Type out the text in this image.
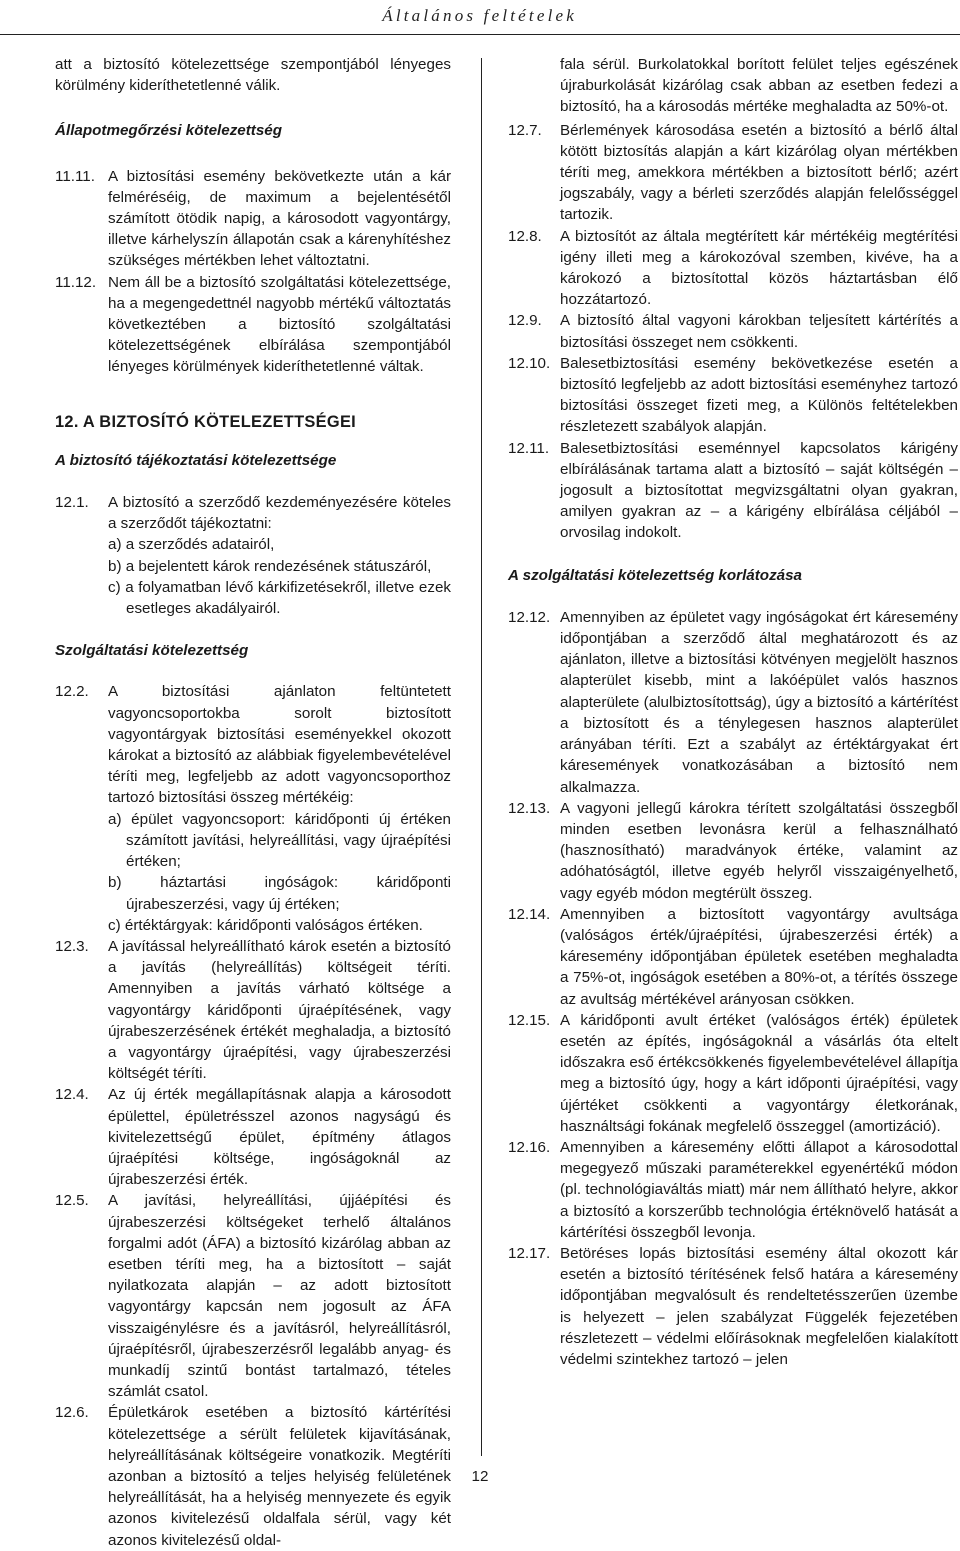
Általános feltételek
att a biztosító kötelezettsége szempontjából lényeges körülmény kideríthetetlenné válik.
Állapotmegőrzési kötelezettség
11.11. A biztosítási esemény bekövetkezte után a kár felméréséig, de maximum a bejelentésétől számított ötödik napig, a károsodott vagyontárgy, illetve kárhelyszín állapotán csak a kárenyhítéshez szükséges mértékben lehet változtatni.
11.12. Nem áll be a biztosító szolgáltatási kötelezettsége, ha a megengedettnél nagyobb mértékű változtatás következtében a biztosító szolgáltatási kötelezettségének elbírálása szempontjából lényeges körülmények kideríthetetlenné váltak.
12. A BIZTOSÍTÓ KÖTELEZETTSÉGEI
A biztosító tájékoztatási kötelezettsége
12.1.	A biztosító a szerződő kezdeményezésére köteles a szerződőt tájékoztatni:
a) a szerződés adatairól,
b) a bejelentett károk rendezésének státuszáról,
c) a folyamatban lévő kárkifizetésekről, illetve ezek esetleges akadályairól.
Szolgáltatási kötelezettség
12.2.	A biztosítási ajánlaton feltüntetett vagyoncsoportokba sorolt biztosított vagyontárgyak biztosítási eseményekkel okozott károkat a biztosító az alábbiak figyelembevételével téríti meg, legfeljebb az adott vagyoncsoporthoz tartozó biztosítási összeg mértékéig:
a) épület vagyoncsoport: káridőponti új értéken számított javítási, helyreállítási, vagy újraépítési értéken;
b) háztartási ingóságok: káridőponti újrabeszerzési, vagy új értéken;
c) értéktárgyak: káridőponti valóságos értéken.
12.3.	A javítással helyreállítható károk esetén a biztosító a javítás (helyreállítás) költségeit téríti. Amennyiben a javítás várható költsége a vagyontárgy káridőponti újraépítésének, vagy újrabeszerzésének értékét meghaladja, a biztosító a vagyontárgy újraépítési, vagy újrabeszerzési költségét téríti.
12.4.	Az új érték megállapításnak alapja a károsodott épülettel, épületrésszel azonos nagyságú és kivitelezettségű épület, építmény átlagos újraépítési költsége, ingóságoknál az újrabeszerzési érték.
12.5.	A javítási, helyreállítási, újjáépítési és újrabeszerzési költségeket terhelő általános forgalmi adót (ÁFA) a biztosító kizárólag abban az esetben téríti meg, ha a biztosított – saját nyilatkozata alapján – az adott biztosított vagyontárgy kapcsán nem jogosult az ÁFA visszaigénylésre és a javításról, helyreállításról, újraépítésről, újrabeszerzésről legalább anyag- és munkadíj szintű bontást tartalmazó, tételes számlát csatol.
12.6.	Épületkárok esetében a biztosító kártérítési kötelezettsége a sérült felületek kijavításának, helyreállításának költségeire vonatkozik. Megtéríti azonban a biztosító a teljes helyiség felületének helyreállítását, ha a helyiség mennyezete és egyik azonos kivitelezésű oldalfala sérül, vagy két azonos kivitelezésű oldal-
fala sérül. Burkolatokkal borított felület teljes egészének újraburkolását kizárólag csak abban az esetben fedezi a biztosító, ha a károsodás mértéke meghaladta az 50%-ot.
12.7.	Bérlemények károsodása esetén a biztosító a bérlő által kötött biztosítás alapján a kárt kizárólag olyan mértékben téríti meg, amekkora mértékben a biztosított bérlő; azért jogszabály, vagy a bérleti szerződés alapján felelősséggel tartozik.
12.8.	A biztosítót az általa megtérített kár mértékéig megtérítési igény illeti meg a károkozóval szemben, kivéve, ha a károkozó a biztosítottal közös háztartásban élő hozzátartozó.
12.9.	A biztosító által vagyoni károkban teljesített kártérítés a biztosítási összeget nem csökkenti.
12.10. Balesetbiztosítási esemény bekövetkezése esetén a biztosító legfeljebb az adott biztosítási eseményhez tartozó biztosítási összeget fizeti meg, a Különös feltételekben részletezett szabályok alapján.
12.11. Balesetbiztosítási eseménnyel kapcsolatos kárigény elbírálásának tartama alatt a biztosító – saját költségén – jogosult a biztosítottat megvizsgáltatni olyan gyakran, amilyen gyakran az – a kárigény elbírálása céljából – orvosilag indokolt.
A szolgáltatási kötelezettség korlátozása
12.12. Amennyiben az épületet vagy ingóságokat ért káresemény időpontjában a szerződő által meghatározott és az ajánlaton, illetve a biztosítási kötvényen megjelölt hasznos alapterület kisebb, mint a lakóépület valós hasznos alapterülete (alulbiztosítottság), úgy a biztosító a kártérítést a biztosított és a ténylegesen hasznos alapterület arányában téríti. Ezt a szabályt az értéktárgyakat ért káresemények vonatkozásában a biztosító nem alkalmazza.
12.13. A vagyoni jellegű károkra térített szolgáltatási összegből minden esetben levonásra kerül a felhasználható (hasznosítható) maradványok értéke, valamint az adóhatóságtól, illetve egyéb helyről visszaigényelhető, vagy egyéb módon megtérült összeg.
12.14. Amennyiben a biztosított vagyontárgy avultsága (valóságos érték/újraépítési, újrabeszerzési érték) a káresemény időpontjában épületek esetében meghaladta a 75%-ot, ingóságok esetében a 80%-ot, a térítés összege az avultság mértékével arányosan csökken.
12.15. A káridőponti avult értéket (valóságos érték) épületek esetén az építés, ingóságoknál a vásárlás óta eltelt időszakra eső értékcsökkenés figyelembevételével állapítja meg a biztosító úgy, hogy a kárt időponti újraépítési, vagy újértéket csökkenti a vagyontárgy életkorának, használtsági fokának megfelelő összeggel (amortizáció).
12.16. Amennyiben a káresemény előtti állapot a károsodottal megegyező műszaki paraméterekkel egyenértékű módon (pl. technológiaváltás miatt) már nem állítható helyre, akkor a biztosító a korszerűbb technológia értéknövelő hatását a kártérítési összegből levonja.
12.17. Betöréses lopás biztosítási esemény által okozott kár esetén a biztosító térítésének felső határa a káresemény időpontjában megvalósult és rendeltetésszerűen üzembe is helyezett – jelen szabályzat Függelék fejezetében részletezett – védelmi előírásoknak megfelelően kialakított védelmi szintekhez tartozó – jelen
12
